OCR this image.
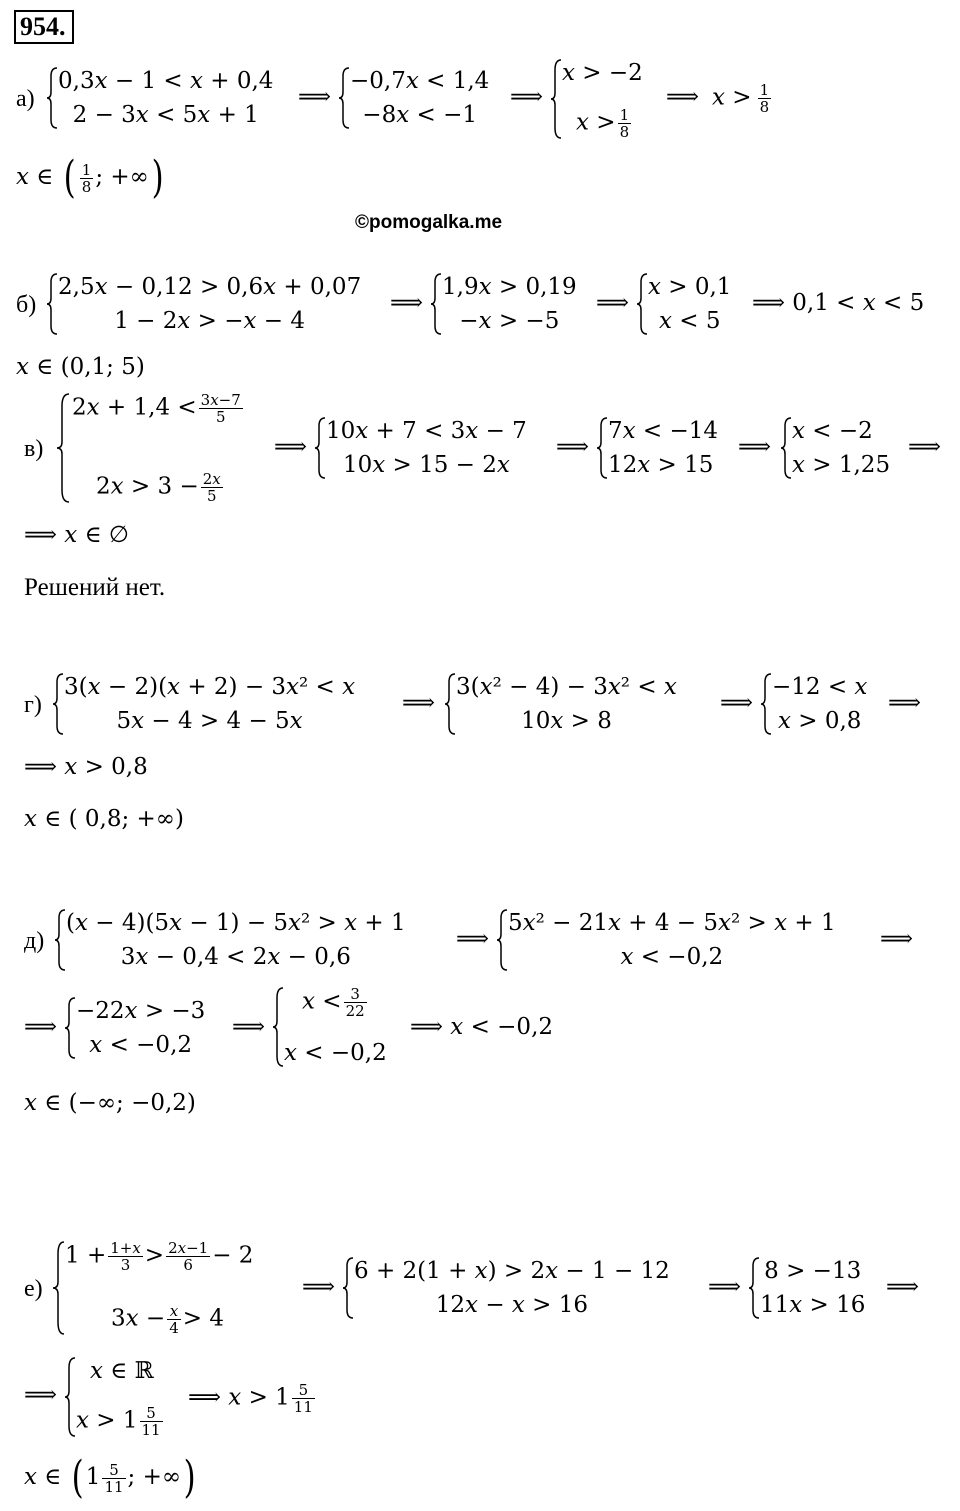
954.
а)
0,3𝑥 − 1 < 𝑥 + 0,4
2 − 3𝑥 < 5𝑥 + 1
⟹
−0,7𝑥 < 1,4
−8𝑥 < −1
⟹
𝑥 > −2
𝑥 > $\frac{1}{8}$
⟹ 𝑥 > $\frac{1}{8}$
𝑥 ∈ ( $\frac{1}{8}$ ; +∞)
©pomogalka.me
б)
2,5𝑥 − 0,12 > 0,6𝑥 + 0,07
1 − 2𝑥 > −𝑥 − 4
⟹
1,9𝑥 > 0,19
−𝑥 > −5
⟹
𝑥 > 0,1
𝑥 < 5
⟹ 0,1 < 𝑥 < 5
𝑥 ∈ (0,1; 5)
в)
2𝑥 + 1,4 < 3𝑥−7
5
2𝑥 > 3 − 2𝑥
5
⟹
10𝑥 + 7 < 3𝑥 − 7
10𝑥 > 15 − 2𝑥
⟹
7𝑥 < −14
12𝑥 > 15
⟹
𝑥 < −2
𝑥 > 1,25
⟹
⟹ 𝑥 ∈ ∅
Решений нет.
г)
3(𝑥 − 2)(𝑥 + 2) − 3𝑥² < 𝑥
5𝑥 − 4 > 4 − 5𝑥
⟹
3(𝑥² − 4) − 3𝑥² < 𝑥
10𝑥 > 8
⟹
−12 < 𝑥
𝑥 > 0,8
⟹
⟹ 𝑥 > 0,8
𝑥 ∈ ( 0,8; +∞)
д)
(𝑥 − 4)(5𝑥 − 1) − 5𝑥² > 𝑥 + 1
3𝑥 − 0,4 < 2𝑥 − 0,6
⟹
5𝑥² − 21𝑥 + 4 − 5𝑥² > 𝑥 + 1
𝑥 < −0,2
⟹
⟹
−22𝑥 > −3
𝑥 < −0,2
⟹
𝑥 < $\frac{3}{22}$
𝑥 < −0,2
⟹ 𝑥 < −0,2
𝑥 ∈ (−∞; −0,2)
е)
1 + 1+𝑥
3 > 2𝑥−1
6 − 2
3𝑥 − 𝑥
4 > 4
⟹
6 + 2(1 + 𝑥) > 2𝑥 − 1 − 12
12𝑥 − 𝑥 > 16
⟹
8 > −13
11𝑥 > 16
⟹
⟹
𝑥 ∈ ℝ
𝑥 > $1 \frac{5}{11}$
⟹ 𝑥 > $1 \frac{5}{11}$
𝑥 ∈ ( $1 \frac{5}{11}$ ; +∞)
